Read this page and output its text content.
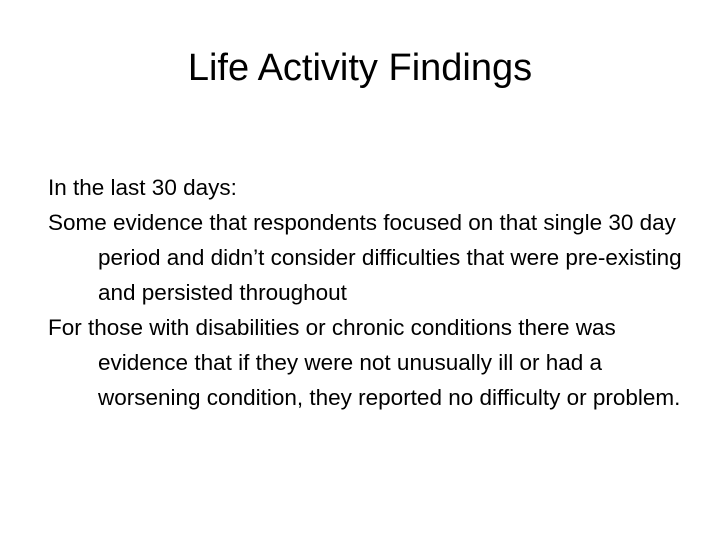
Life Activity Findings

In the last 30 days:

Some evidence that respondents focused on that single 30 day period and didn’t consider difficulties that were pre-existing and persisted throughout

For those with disabilities or chronic conditions there was evidence that if they were not unusually ill or had a worsening condition, they reported no difficulty or problem.
